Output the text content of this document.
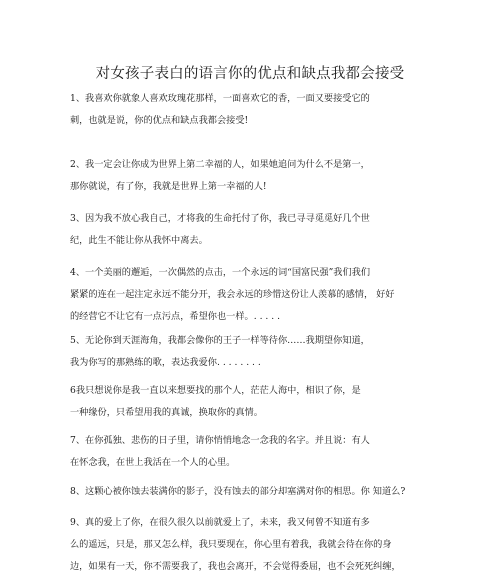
对女孩子表白的语言你的优点和缺点我都会接受
1、我喜欢你就象人喜欢玫瑰花那样，一面喜欢它的香，一面又要接受它的
刺，也就是说，你的优点和缺点我都会接受!
2、我一定会让你成为世界上第二幸福的人，如果她追问为什么不是第一，
那你就说，有了你，我就是世界上第一幸福的人!
3、因为我不放心我自己，才将我的生命托付了你，我已寻寻觅觅好几个世
纪，此生不能让你从我怀中离去。
4、一个美丽的邂逅，一次偶然的点击，一个永远的词“国富民强”我们我们
紧紧的连在一起注定永远不能分开，我会永远的珍惜这份让人羡慕的感情， 好好
的经营它不让它有一点污点，希望你也一样。. . . . .
5、无论你到天涯海角，我都会像你的王子一样等待你……我期望你知道，
我为你写的那熟练的歌，表达我爱你. . . . . . . .
6我只想说你是我一直以来想要找的那个人，茫茫人海中，相识了你，是
一种缘份，只希望用我的真诚，换取你的真情。
7、在你孤独、悲伤的日子里，请你悄悄地念一念我的名字。并且说：有人
在怀念我，在世上我活在一个人的心里。
8、这颗心被你蚀去装满你的影子，没有蚀去的部分却塞满对你的相思。你 知道么?
9、真的爱上了你，在很久很久以前就爱上了，未来，我又何曾不知道有多
么的遥远，只是，那又怎么样，我只要现在，你心里有着我，我就会待在你的身
边，如果有一天，你不需要我了，我也会离开，不会觉得委屈，也不会死死纠缠，
